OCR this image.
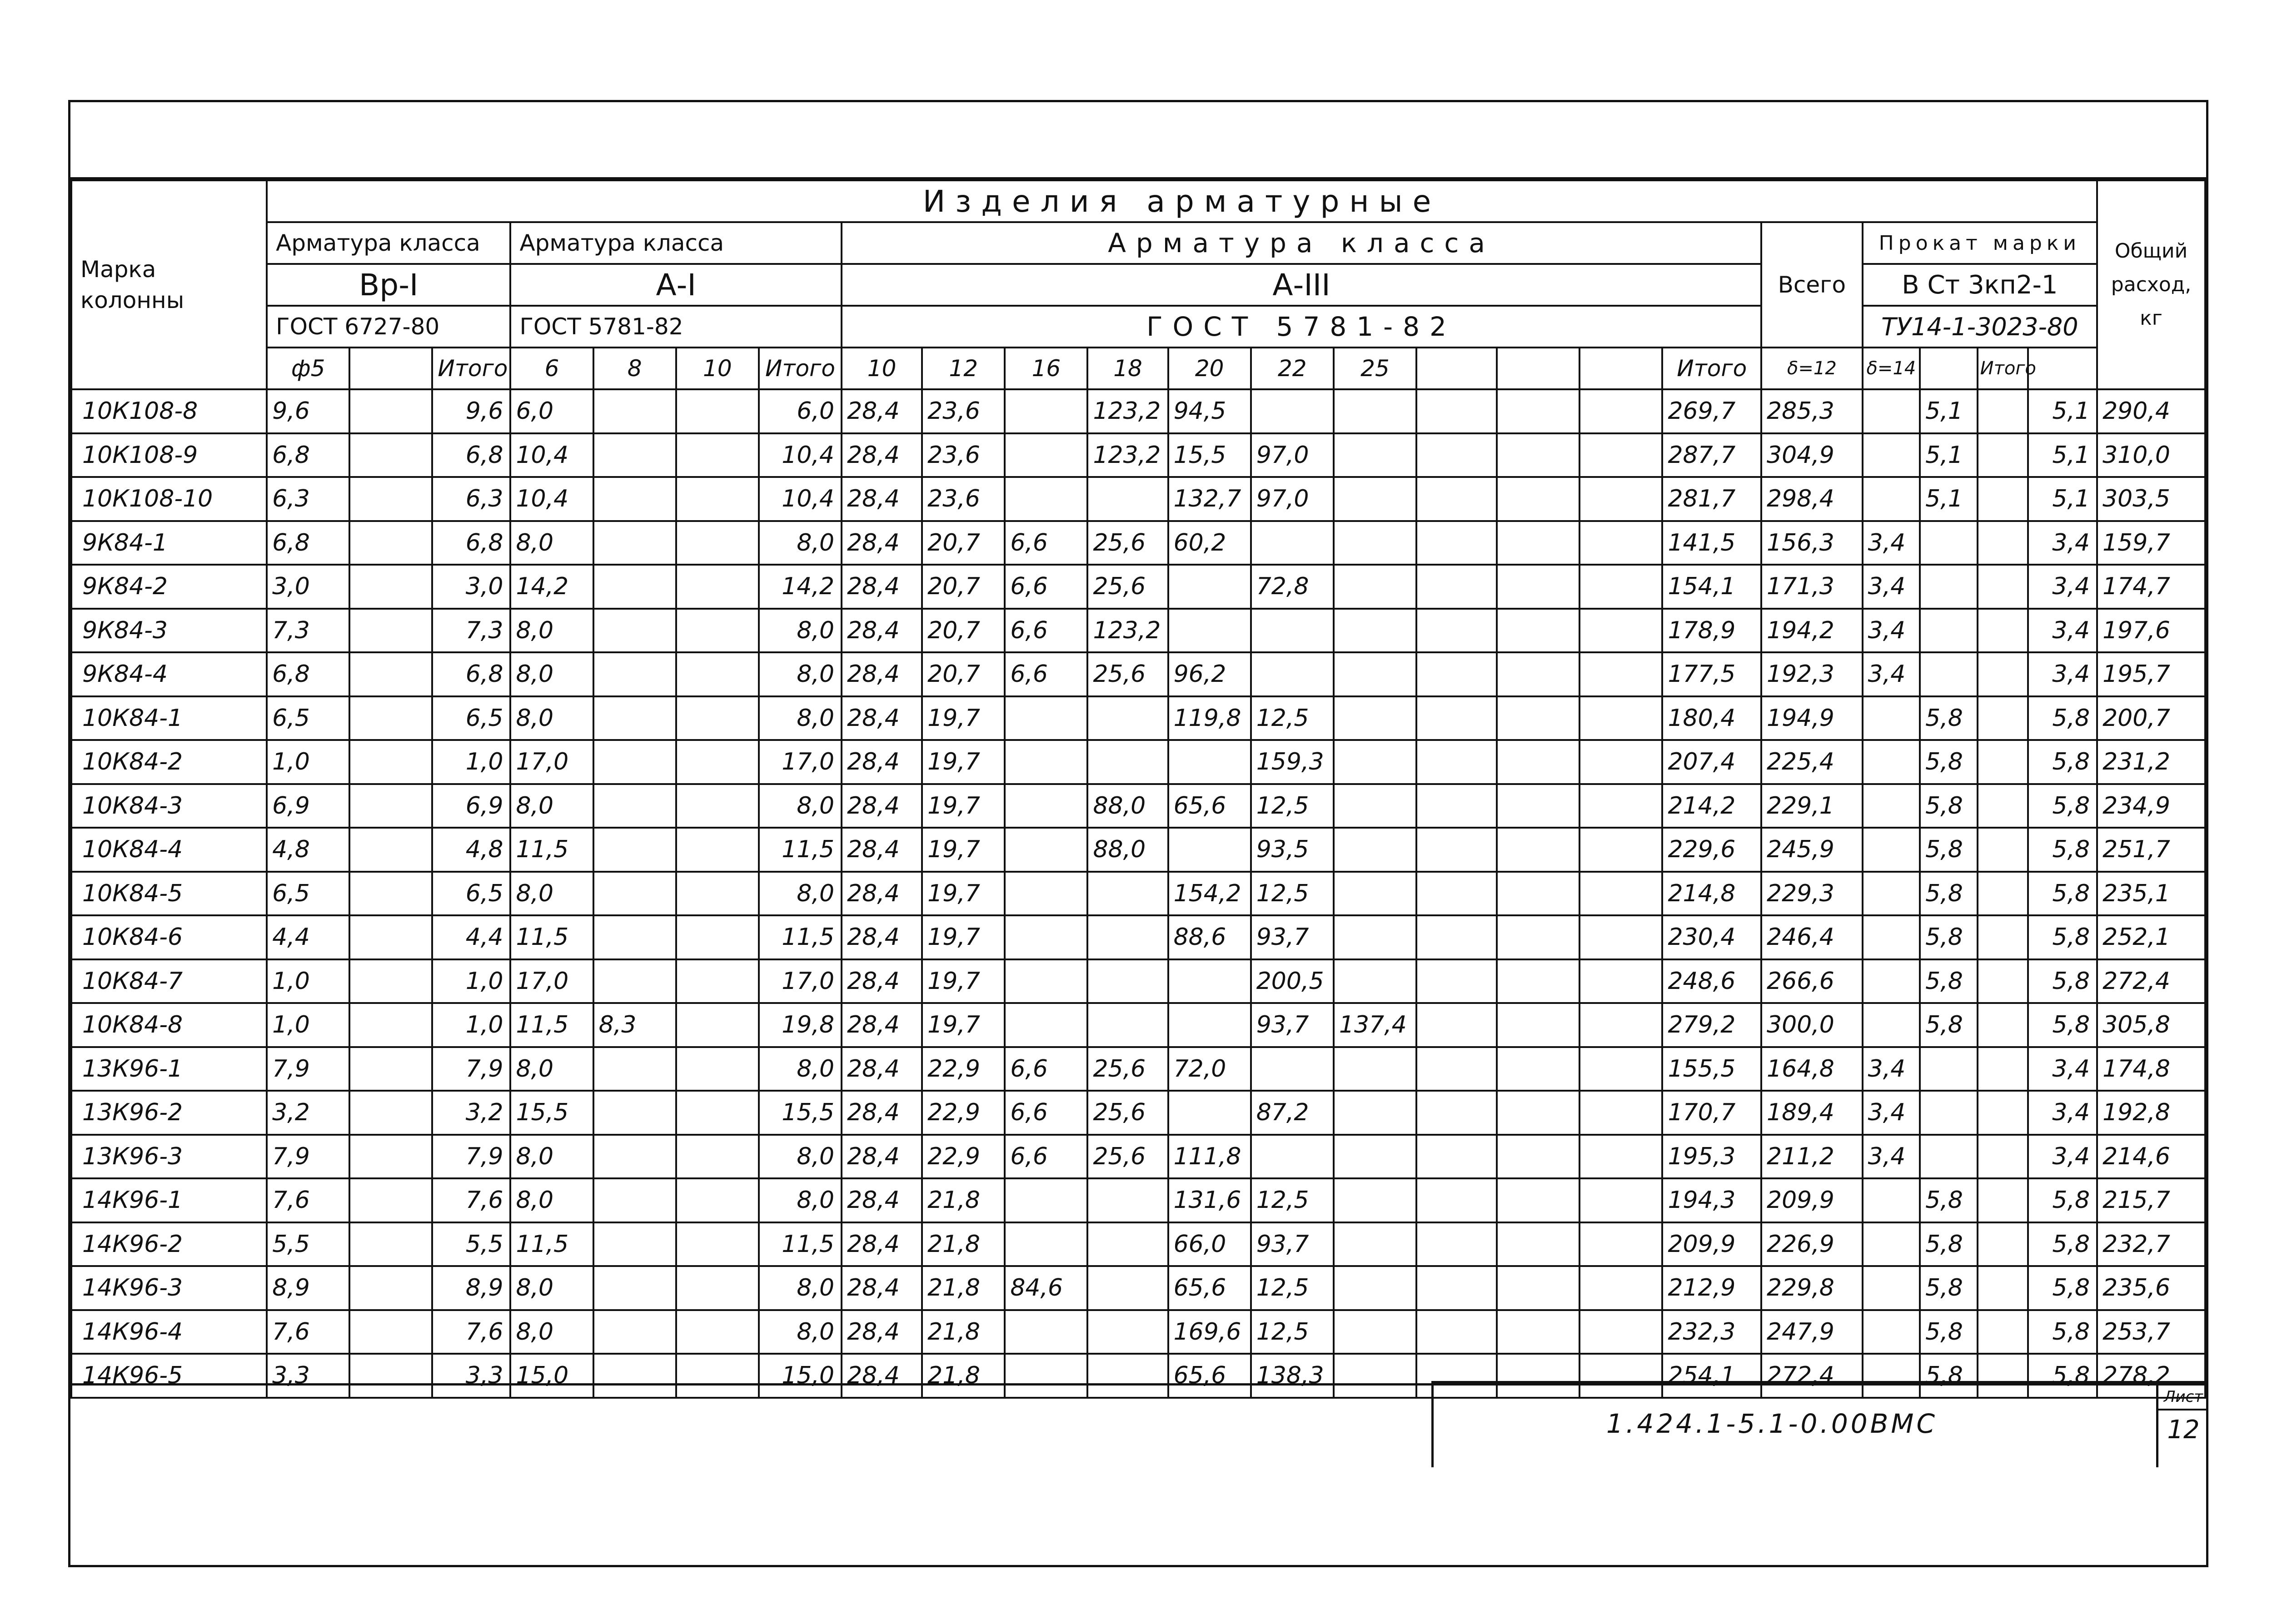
Марка колонны	Изделия арматурные																							Общий расход, кг
	Арматура класса			Арматура класса				Арматура класса											Всего	Прокат марки				
	Вр-I			А-I				А-III												В Ст 3кп2-1				
	ГОСТ 6727-80			ГОСТ 5781-82				ГОСТ 5781-82												ТУ14-1-3023-80				
	ф5		Итого	6	8	10	Итого	10	12	16	18	20	22	25				Итого	δ=12	δ=14		Итого		
10К108-8	9,6		9,6	6,0			6,0	28,4	23,6		123,2	94,5						269,7	285,3		5,1		5,1	290,4
10К108-9	6,8		6,8	10,4			10,4	28,4	23,6		123,2	15,5	97,0					287,7	304,9		5,1		5,1	310,0
10К108-10	6,3		6,3	10,4			10,4	28,4	23,6			132,7	97,0					281,7	298,4		5,1		5,1	303,5
9К84-1	6,8		6,8	8,0			8,0	28,4	20,7	6,6	25,6	60,2						141,5	156,3	3,4			3,4	159,7
9К84-2	3,0		3,0	14,2			14,2	28,4	20,7	6,6	25,6		72,8					154,1	171,3	3,4			3,4	174,7
9К84-3	7,3		7,3	8,0			8,0	28,4	20,7	6,6	123,2							178,9	194,2	3,4			3,4	197,6
9К84-4	6,8		6,8	8,0			8,0	28,4	20,7	6,6	25,6	96,2						177,5	192,3	3,4			3,4	195,7
10К84-1	6,5		6,5	8,0			8,0	28,4	19,7			119,8	12,5					180,4	194,9		5,8		5,8	200,7
10К84-2	1,0		1,0	17,0			17,0	28,4	19,7				159,3					207,4	225,4		5,8		5,8	231,2
10К84-3	6,9		6,9	8,0			8,0	28,4	19,7		88,0	65,6	12,5					214,2	229,1		5,8		5,8	234,9
10К84-4	4,8		4,8	11,5			11,5	28,4	19,7		88,0		93,5					229,6	245,9		5,8		5,8	251,7
10К84-5	6,5		6,5	8,0			8,0	28,4	19,7			154,2	12,5					214,8	229,3		5,8		5,8	235,1
10К84-6	4,4		4,4	11,5			11,5	28,4	19,7			88,6	93,7					230,4	246,4		5,8		5,8	252,1
10К84-7	1,0		1,0	17,0			17,0	28,4	19,7				200,5					248,6	266,6		5,8		5,8	272,4
10К84-8	1,0		1,0	11,5	8,3		19,8	28,4	19,7				93,7	137,4				279,2	300,0		5,8		5,8	305,8
13К96-1	7,9		7,9	8,0			8,0	28,4	22,9	6,6	25,6	72,0						155,5	164,8	3,4			3,4	174,8
13К96-2	3,2		3,2	15,5			15,5	28,4	22,9	6,6	25,6		87,2					170,7	189,4	3,4			3,4	192,8
13К96-3	7,9		7,9	8,0			8,0	28,4	22,9	6,6	25,6	111,8						195,3	211,2	3,4			3,4	214,6
14К96-1	7,6		7,6	8,0			8,0	28,4	21,8			131,6	12,5					194,3	209,9		5,8		5,8	215,7
14К96-2	5,5		5,5	11,5			11,5	28,4	21,8			66,0	93,7					209,9	226,9		5,8		5,8	232,7
14К96-3	8,9		8,9	8,0			8,0	28,4	21,8	84,6		65,6	12,5					212,9	229,8		5,8		5,8	235,6
14К96-4	7,6		7,6	8,0			8,0	28,4	21,8			169,6	12,5					232,3	247,9		5,8		5,8	253,7
14К96-5	3,3		3,3	15,0			15,0	28,4	21,8			65,6	138,3					254,1	272,4		5,8		5,8	278,2
1.424.1-5.1-0.00ВМС
Лист
12
